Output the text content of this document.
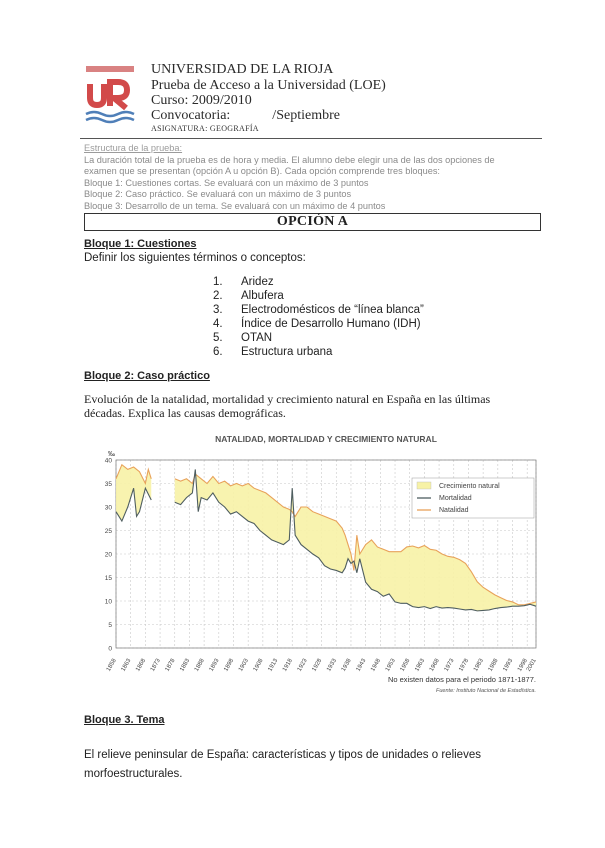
UNIVERSIDAD DE LA RIOJA
Prueba de Acceso a la Universidad (LOE)
Curso: 2009/2010
Convocatoria:            /Septiembre
ASIGNATURA: GEOGRAFÍA
Estructura de la prueba:
La duración total de la prueba es de hora y media. El alumno debe elegir una de las dos opciones de
examen que se presentan (opción A u opción B). Cada opción comprende tres bloques:
Bloque 1: Cuestiones cortas. Se evaluará con un máximo de 3 puntos
Bloque 2: Caso práctico. Se evaluará con un máximo de 3 puntos
Bloque 3: Desarrollo de un tema. Se evaluará con un máximo de 4 puntos
OPCIÓN A
Bloque 1: Cuestiones
Definir los siguientes términos o conceptos:
1.	Aridez
2.	Albufera
3.	Electrodomésticos de “línea blanca”
4.	Índice de Desarrollo Humano (IDH)
5.	OTAN
6.	Estructura urbana
Bloque 2: Caso práctico
Evolución de la natalidad, mortalidad y crecimiento natural en España en las últimas
décadas. Explica las causas demográficas.
NATALIDAD, MORTALIDAD Y CRECIMIENTO NATURAL
‰
0
5
10
15
20
25
30
35
40
1858 1863 1868 1873 1878 1883 1888 1893 1898 1903 1908 1913 1918 1923 1928 1933 1938 1943 1948 1953 1958 1963 1968 1973 1978 1983 1988 1993 1998
2001
Crecimiento natural
Mortalidad
Natalidad
No existen datos para el periodo 1871-1877.
Fuente: Instituto Nacional de Estadística.
Bloque 3. Tema
El relieve peninsular de España: características y tipos de unidades o relieves
morfoestructurales.
